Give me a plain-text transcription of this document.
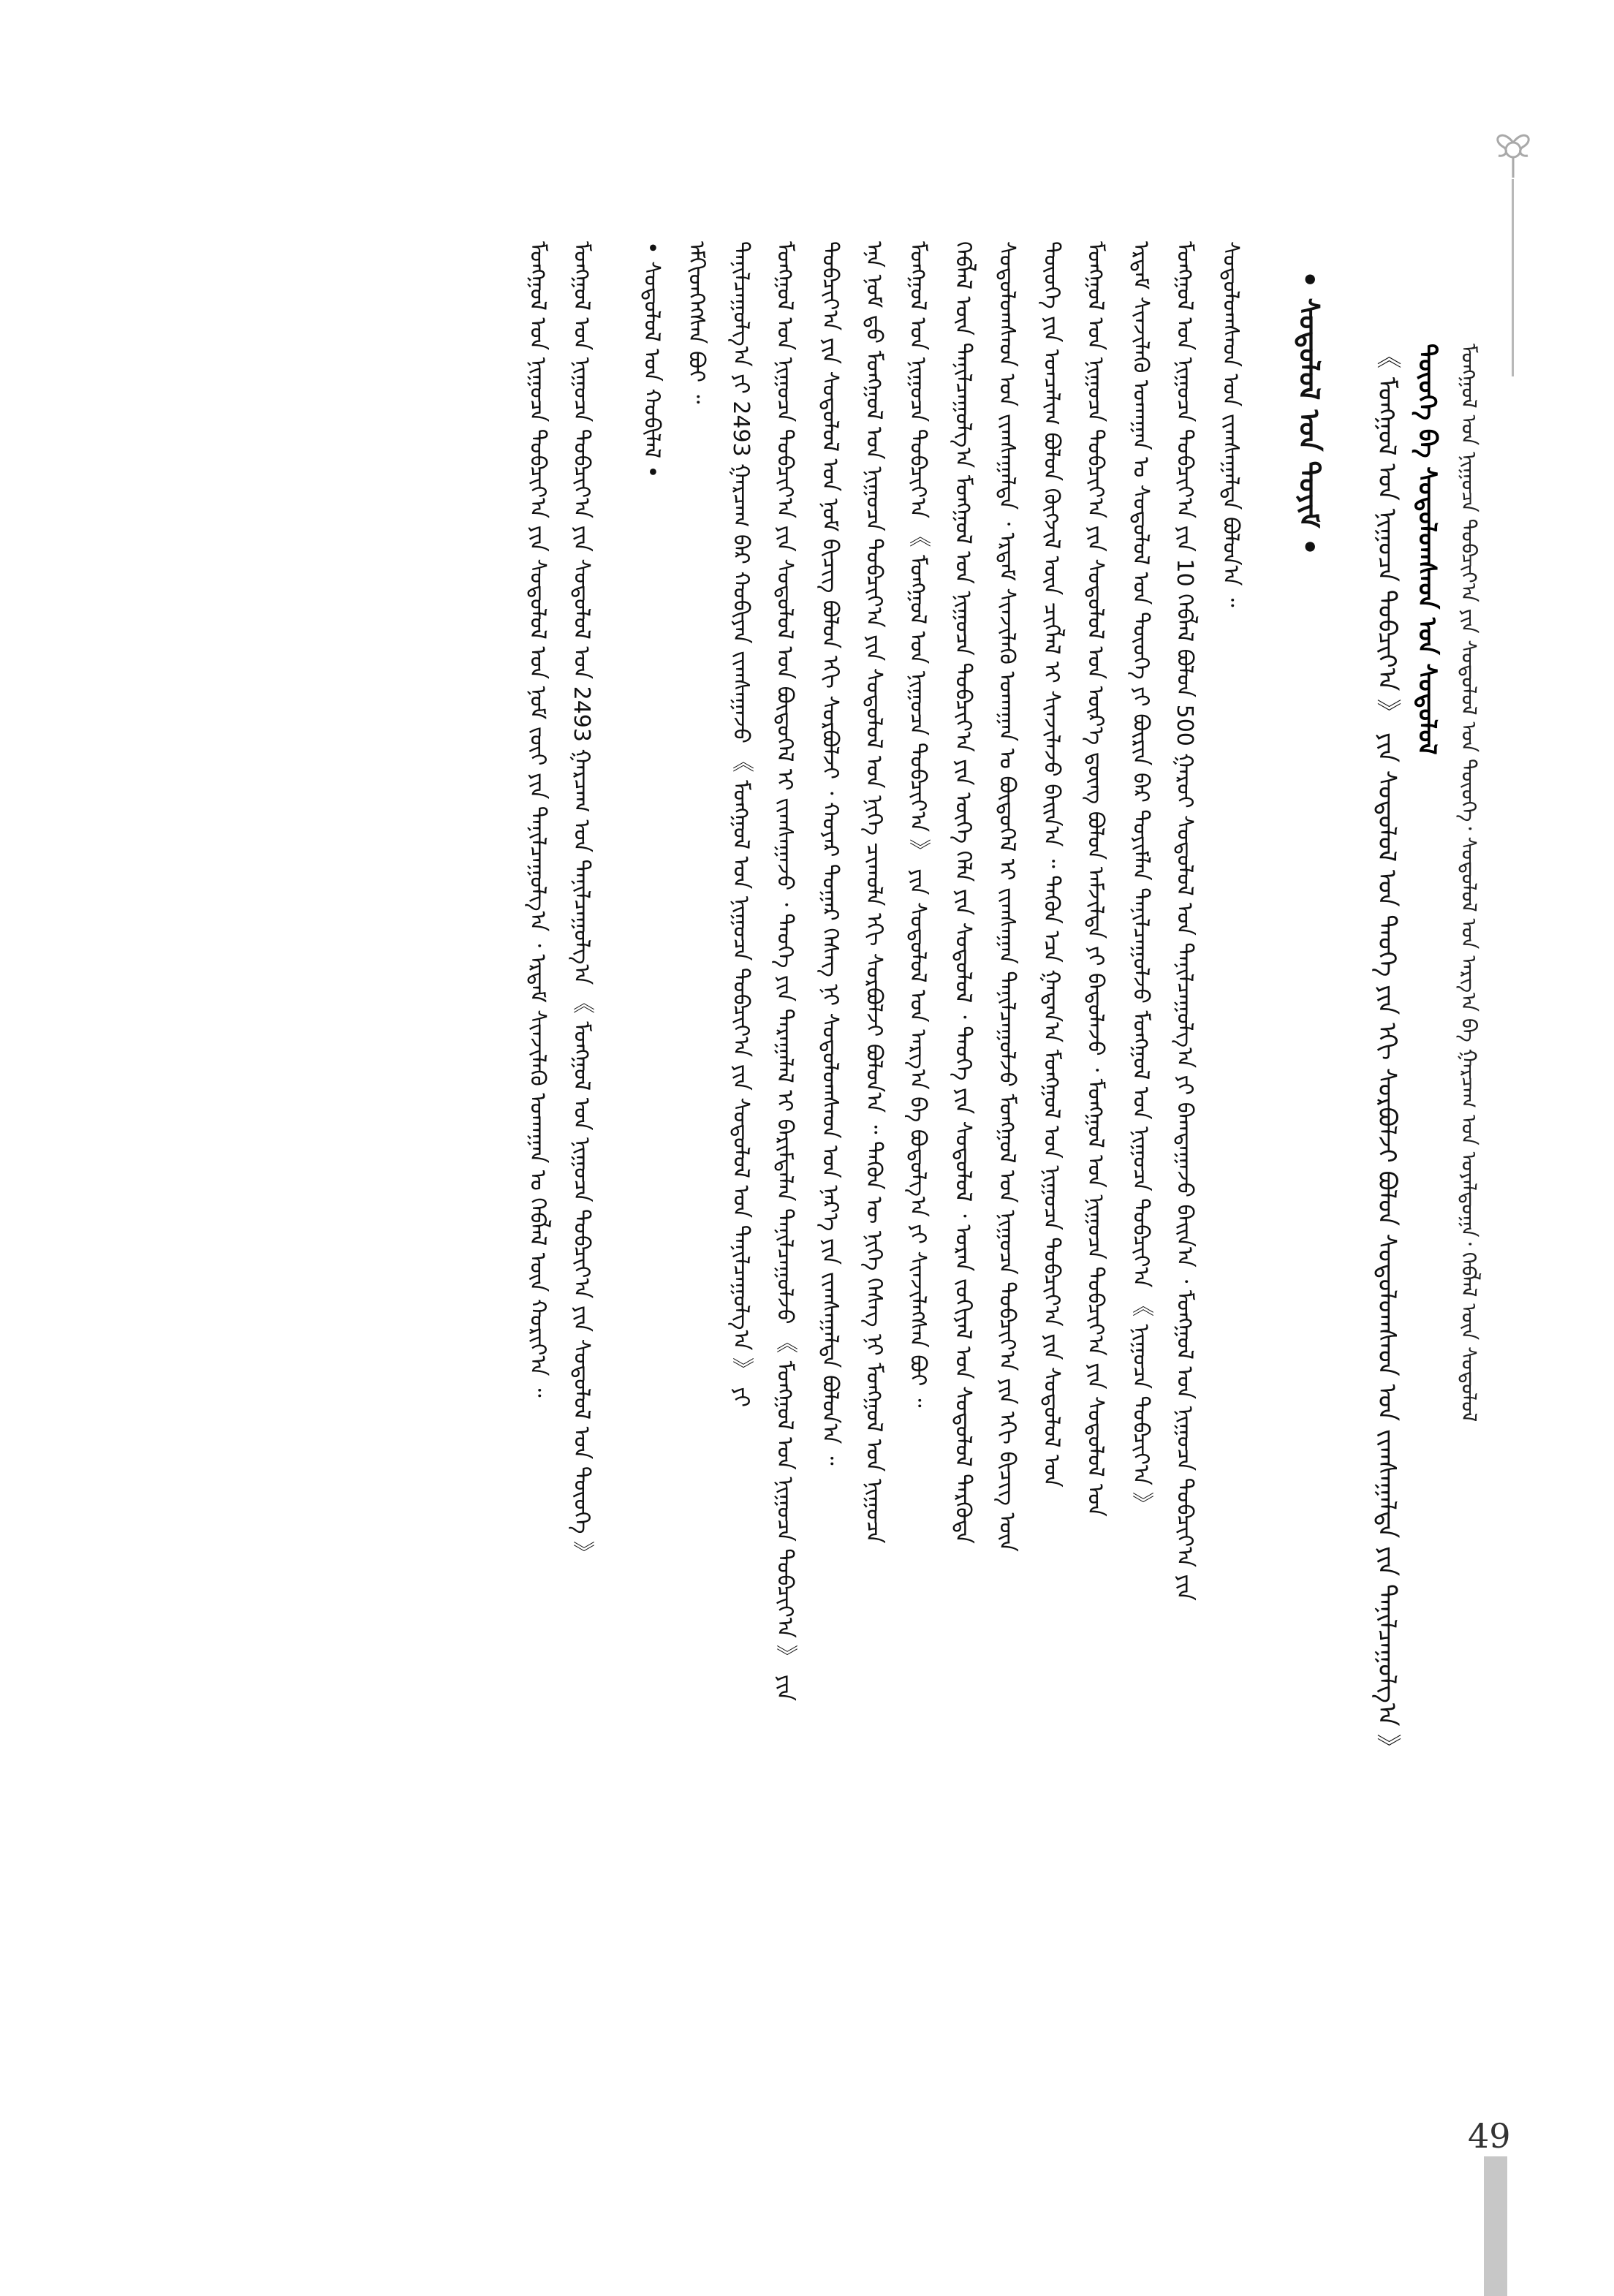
ᠮᠣᠩᠭᠣᠯ ᠤᠨ ᠨᠢᠭᠤᠴᠠ ᠲᠣᠪᠴᠢᠶ᠎ᠠ ᠶᠢᠨ ᠰᠤᠳᠤᠯᠤᠯ ᠤᠨ ᠲᠦᠦᠬᠡ᠂ ᠰᠤᠳᠤᠯᠤᠯ ᠤᠨ ᠠᠷᠭ᠎ᠠ ᠪᠠ ᠭᠠᠷᠴᠠᠭ ᠤᠨ ᠤᠶᠠᠯᠳᠤᠭᠠ᠂ ᠬᠡᠪᠯᠡᠯ ᠦᠨ ᠰᠤᠳᠤᠯᠤᠯ
ᠲᠦᠦᠬᠡ ᠪᠠ ᠰᠤᠳᠤᠯᠤᠭᠰᠠᠳ ᠤᠨ ᠰᠤᠳᠤᠯᠤᠯ
《 ᠮᠣᠩᠭᠣᠯ ᠤᠨ ᠨᠢᠭᠤᠴᠠ ᠲᠣᠪᠴᠢᠶ᠎ᠠ 》 ᠶᠢᠨ ᠰᠤᠳᠤᠯᠤᠯ ᠤᠨ ᠲᠡᠦᠬᠡ ᠶᠢᠨ ᠡᠬᠢ ᠰᠤᠷᠪᠤᠯᠵᠢ ᠪᠣᠯᠤᠨ ᠰᠤᠳᠤᠯᠤᠭᠰᠠᠳ ᠤᠨ ᠵᠢᠭᠰᠠᠭᠠᠯᠲᠠ ᠶᠢᠨ ᠲᠠᠨᠢᠯᠴᠠᠭᠤᠯᠭ᠎ᠠ 》
• ᠰᠤᠳᠤᠯᠤᠯ ᠤᠨ ᠲᠣᠶᠢᠮ •
ᠰᠤᠳᠤᠯᠤᠭᠰᠠᠳ ᠤᠨ ᠵᠢᠭᠰᠠᠭᠠᠯᠲᠠ ᠪᠣᠯᠤᠨ᠎ᠠ ᠃
ᠮᠣᠩᠭᠣᠯ ᠤᠨ ᠨᠢᠭᠤᠴᠠ ᠲᠣᠪᠴᠢᠶ᠎ᠠ ᠶᠢᠨ 10 ᠬᠡᠪᠯᠡᠯ ᠪᠣᠯᠤᠨ 500 ᠭᠠᠷᠤᠢ ᠰᠤᠳᠤᠯᠤᠯ ᠤᠨ ᠲᠠᠨᠢᠯᠴᠠᠭᠤᠯᠭ᠎ᠠ ᠶᠢ ᠪᠠᠭᠳᠠᠭᠠᠵᠤ ᠪᠠᠢᠨ᠎ᠠ ᠂ ᠮᠣᠩᠭᠣᠯ ᠤᠨ ᠨᠢᠭᠤᠴᠠ ᠲᠣᠪᠴᠢᠶ᠎ᠠ ᠶᠢᠨ
ᠡᠷᠳᠡᠮ ᠰᠢᠨᠵᠢᠯᠡᠬᠦ ᠤᠬᠠᠭᠠᠨ ᠤ ᠰᠤᠳᠤᠯᠤᠯ ᠤᠨ ᠲᠦᠦᠬᠡ ᠶᠢ ᠪᠦᠷᠢᠨ ᠪᠠᠷ ᠲᠣᠶᠢᠮᠯᠠᠨ ᠲᠠᠨᠢᠯᠴᠠᠭᠤᠯᠵᠤ ᠮᠣᠩᠭᠣᠯ ᠤᠨ ᠨᠢᠭᠤᠴᠠ ᠲᠣᠪᠴᠢᠶ᠎ᠠ 《 ᠨᠢᠭᠤᠴᠠ ᠲᠣᠪᠴᠢᠶ᠎ᠠ 》
ᠮᠣᠩᠭᠣᠯ ᠤᠨ ᠨᠢᠭᠤᠴᠠ ᠲᠣᠪᠴᠢᠶ᠎ᠠ ᠶᠢᠨ ᠰᠤᠳᠤᠯᠤᠯ ᠤᠨ ᠦᠷ᠎ᠡ ᠳ᠋ᠦᠩ ᠪᠣᠯᠤᠨ ᠠᠮᠵᠢᠯᠲᠠ ᠶᠢ ᠪᠠᠲᠤᠯᠠᠵᠤ ᠂ ᠮᠣᠩᠭᠣᠯ ᠤᠨ ᠨᠢᠭᠤᠴᠠ ᠲᠣᠪᠴᠢᠶ᠎ᠠ ᠶᠢᠨ ᠰᠤᠳᠤᠯᠤᠯ ᠤᠨ
ᠲᠦᠦᠬᠡ ᠶᠢᠨ ᠣᠨᠴᠠᠯᠢᠭ ᠪᠣᠯᠤᠨ ᠬᠦᠭᠵᠢᠯ ᠦᠨ ᠴᠢᠭᠯᠡᠯ ᠢ ᠰᠢᠨᠵᠢᠯᠡᠵᠦ ᠪᠠᠢᠨ᠎ᠠ ᠃ ᠲᠡᠭᠦᠨ ᠡᠴᠡ ᠭᠠᠳᠠᠨ᠎ᠠ ᠮᠣᠩᠭᠣᠯ ᠤᠨ ᠨᠢᠭᠤᠴᠠ ᠲᠣᠪᠴᠢᠶ᠎ᠠ ᠶᠢᠨ ᠰᠤᠳᠤᠯᠤᠯ ᠤᠨ
ᠰᠤᠳᠤᠯᠤᠭᠰᠠᠳ ᠤᠨ ᠵᠢᠭᠰᠠᠭᠠᠯᠲᠠ ᠂ ᠡᠷᠳᠡᠮ ᠰᠢᠨᠵᠢᠯᠡᠬᠦ ᠤᠬᠠᠭᠠᠨ ᠤ ᠪᠦᠲᠦᠭᠡᠯ ᠢ ᠵᠢᠭᠰᠠᠭᠠᠨ ᠲᠠᠨᠢᠯᠴᠠᠭᠤᠯᠵᠤ ᠮᠣᠩᠭᠣᠯ ᠤᠨ ᠨᠢᠭᠤᠴᠠ ᠲᠣᠪᠴᠢᠶ᠎ᠠ ᠶᠢᠨ ᠡᠬᠢ ᠪᠢᠴᠢᠭ ᠦᠨ
ᠬᠡᠪᠯᠡᠯ ᠦᠨ ᠲᠠᠨᠢᠯᠴᠠᠭᠤᠯᠭ᠎ᠠ ᠮᠣᠩᠭᠣᠯ ᠤᠨ ᠨᠢᠭᠤᠴᠠ ᠲᠣᠪᠴᠢᠶ᠎ᠠ ᠶᠢᠨ ᠦᠭᠡ ᠬᠡᠯᠡ ᠶᠢᠨ ᠰᠤᠳᠤᠯᠤᠯ ᠂ ᠲᠡᠦᠬᠡ ᠶᠢᠨ ᠰᠤᠳᠤᠯᠤᠯ ᠂ ᠤᠷᠠᠨ ᠵᠣᠬᠢᠶᠠᠯ ᠤᠨ ᠰᠤᠳᠤᠯᠤᠯ ᠲᠡᠷᠭᠦᠳᠡ
ᠮᠣᠩᠭᠣᠯ ᠤᠨ ᠨᠢᠭᠤᠴᠠ ᠲᠣᠪᠴᠢᠶ᠎ᠠ 《 ᠮᠣᠩᠭᠣᠯ ᠤᠨ ᠨᠢᠭᠤᠴᠠ ᠲᠣᠪᠴᠢᠶ᠎ᠠ 》 ᠶᠢᠨ ᠰᠤᠳᠤᠯᠤᠯ ᠤᠨ ᠠᠷᠭ᠎ᠠ ᠪᠠ ᠪᠣᠳᠤᠯᠭ᠎ᠠ ᠶᠢ ᠰᠢᠨᠵᠢᠯᠡᠭᠰᠡᠨ ᠪᠤᠢ ᠃
ᠡᠨᠡ ᠨᠣᠮ ᠳ᠋ᠤ ᠮᠣᠩᠭᠣᠯ ᠤᠨ ᠨᠢᠭᠤᠴᠠ ᠲᠣᠪᠴᠢᠶ᠎ᠠ ᠶᠢᠨ ᠰᠤᠳᠤᠯᠤᠯ ᠤᠨ ᠨᠢᠭᠡ ᠴᠢᠬᠤᠯᠠ ᠡᠬᠢ ᠰᠤᠷᠪᠤᠯᠵᠢ ᠪᠣᠯᠤᠨ᠎ᠠ ᠃ ᠲᠡᠭᠦᠨ ᠦ ᠨᠢᠭᠡ ᠬᠡᠰᠡᠭ ᠨᠢ ᠮᠣᠩᠭᠣᠯ ᠤᠨ ᠨᠢᠭᠤᠴᠠ
ᠲᠣᠪᠴᠢᠶ᠎ᠠ ᠶᠢᠨ ᠰᠤᠳᠤᠯᠤᠯ ᠤᠨ ᠨᠣᠮ ᠪᠢᠴᠢᠭ ᠪᠣᠯᠤᠨ ᠡᠬᠢ ᠰᠤᠷᠪᠤᠯᠵᠢ ᠂ ᠬᠣᠶᠠᠷ ᠳᠤᠭᠠᠷ ᠬᠡᠰᠡᠭ ᠨᠢ ᠰᠤᠳᠤᠯᠤᠭᠰᠠᠳ ᠤᠨ ᠨᠡᠷ᠎ᠡ ᠶᠢᠨ ᠵᠢᠭᠰᠠᠭᠠᠯᠲᠠ ᠪᠣᠯᠤᠨ᠎ᠠ ᠃
ᠮᠣᠩᠭᠣᠯ ᠤᠨ ᠨᠢᠭᠤᠴᠠ ᠲᠣᠪᠴᠢᠶ᠎ᠠ ᠶᠢᠨ ᠰᠤᠳᠤᠯᠤᠯ ᠤᠨ ᠪᠦᠲᠦᠭᠡᠯ ᠢ ᠵᠢᠭᠰᠠᠭᠠᠵᠤ ᠂ ᠲᠡᠦᠬᠡ ᠶᠢᠨ ᠳᠠᠷᠠᠭᠠᠯᠠᠯ ᠢ ᠪᠠᠷᠢᠮᠲᠠᠯᠠᠨ ᠲᠠᠨᠢᠯᠴᠠᠭᠤᠯᠵᠤ 《 ᠮᠣᠩᠭᠣᠯ ᠤᠨ ᠨᠢᠭᠤᠴᠠ ᠲᠣᠪᠴᠢᠶ᠎ᠠ 》 ᠶᠢᠨ
ᠲᠠᠨᠢᠯᠴᠠᠭᠤᠯᠭ᠎ᠠ ᠶᠢ 2493 ᠭᠠᠷᠴᠠᠭ ᠪᠠᠷ ᠬᠤᠪᠢᠶᠠᠨ ᠵᠢᠭᠰᠠᠭᠠᠵᠤ 《 ᠮᠣᠩᠭᠣᠯ ᠤᠨ ᠨᠢᠭᠤᠴᠠ ᠲᠣᠪᠴᠢᠶ᠎ᠠ ᠶᠢᠨ ᠰᠤᠳᠤᠯᠤᠯ ᠤᠨ ᠲᠠᠨᠢᠯᠴᠠᠭᠤᠯᠭ᠎ᠠ 》 ᠶᠢ
ᠡᠮᠬᠢᠳᠬᠡᠭᠰᠡᠨ ᠪᠤᠢ ᠃
• ᠰᠤᠳᠤᠯᠤᠯ ᠤᠨ ᠬᠤᠪᠢᠯᠠᠯ •
ᠮᠣᠩᠭᠣᠯ ᠤᠨ ᠨᠢᠭᠤᠴᠠ ᠲᠣᠪᠴᠢᠶ᠎ᠠ ᠶᠢᠨ ᠰᠤᠳᠤᠯᠤᠯ ᠤᠨ 2493 ᠭᠠᠷᠴᠠᠭ ᠤᠨ ᠲᠠᠨᠢᠯᠴᠠᠭᠤᠯᠭ᠎ᠠ 《 ᠮᠣᠩᠭᠣᠯ ᠤᠨ ᠨᠢᠭᠤᠴᠠ ᠲᠣᠪᠴᠢᠶ᠎ᠠ ᠶᠢᠨ ᠰᠤᠳᠤᠯᠤᠯ ᠤᠨ ᠲᠦᠦᠬᠡ 》
ᠮᠣᠩᠭᠣᠯ ᠤᠨ ᠨᠢᠭᠤᠴᠠ ᠲᠣᠪᠴᠢᠶ᠎ᠠ ᠶᠢᠨ ᠰᠤᠳᠤᠯᠤᠯ ᠤᠨ ᠨᠣᠮ ᠵᠦᠢ ᠶᠢᠨ ᠲᠠᠨᠢᠯᠴᠠᠭᠤᠯᠭ᠎ᠠ ᠂ ᠡᠷᠳᠡᠮ ᠰᠢᠨᠵᠢᠯᠡᠬᠦ ᠤᠬᠠᠭᠠᠨ ᠤ ᠬᠡᠪᠯᠡᠯ ᠦᠨ ᠬᠣᠷᠢᠶ᠎ᠠ ᠃
49
